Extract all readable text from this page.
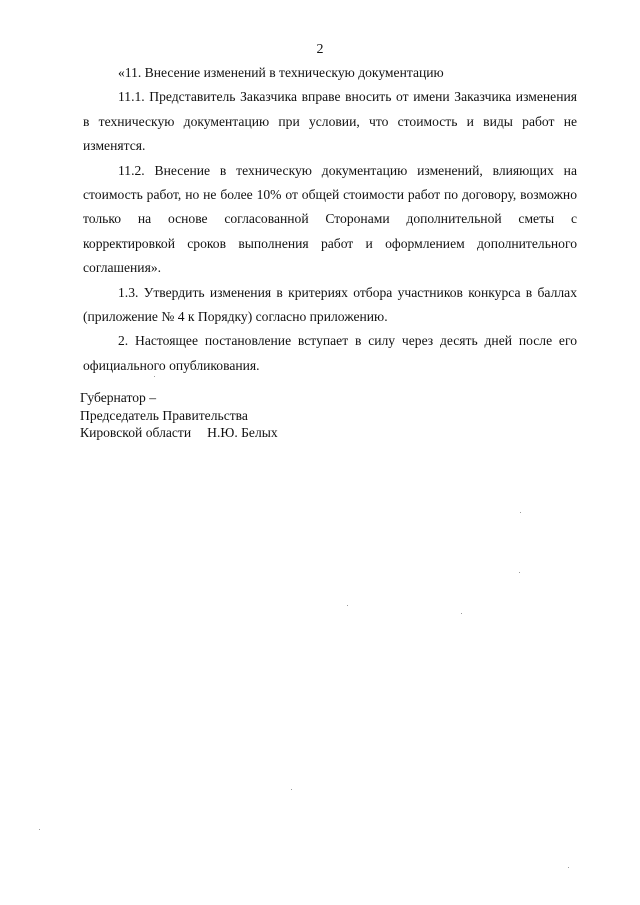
2

«11. Внесение изменений в техническую документацию

11.1. Представитель Заказчика вправе вносить от имени Заказчика изменения в техническую документацию при условии, что стоимость и виды работ не изменятся.

11.2. Внесение в техническую документацию изменений, влияющих на стоимость работ, но не более 10% от общей стоимости работ по договору, возможно только на основе согласованной Сторонами дополнительной сметы с корректировкой сроков выполнения работ и оформлением дополнительного соглашения».

1.3. Утвердить изменения в критериях отбора участников конкурса в баллах (приложение № 4 к Порядку) согласно приложению.

2. Настоящее постановление вступает в силу через десять дней после его официального опубликования.

Губернатор –
Председатель Правительства
Кировской области Н.Ю. Белых
